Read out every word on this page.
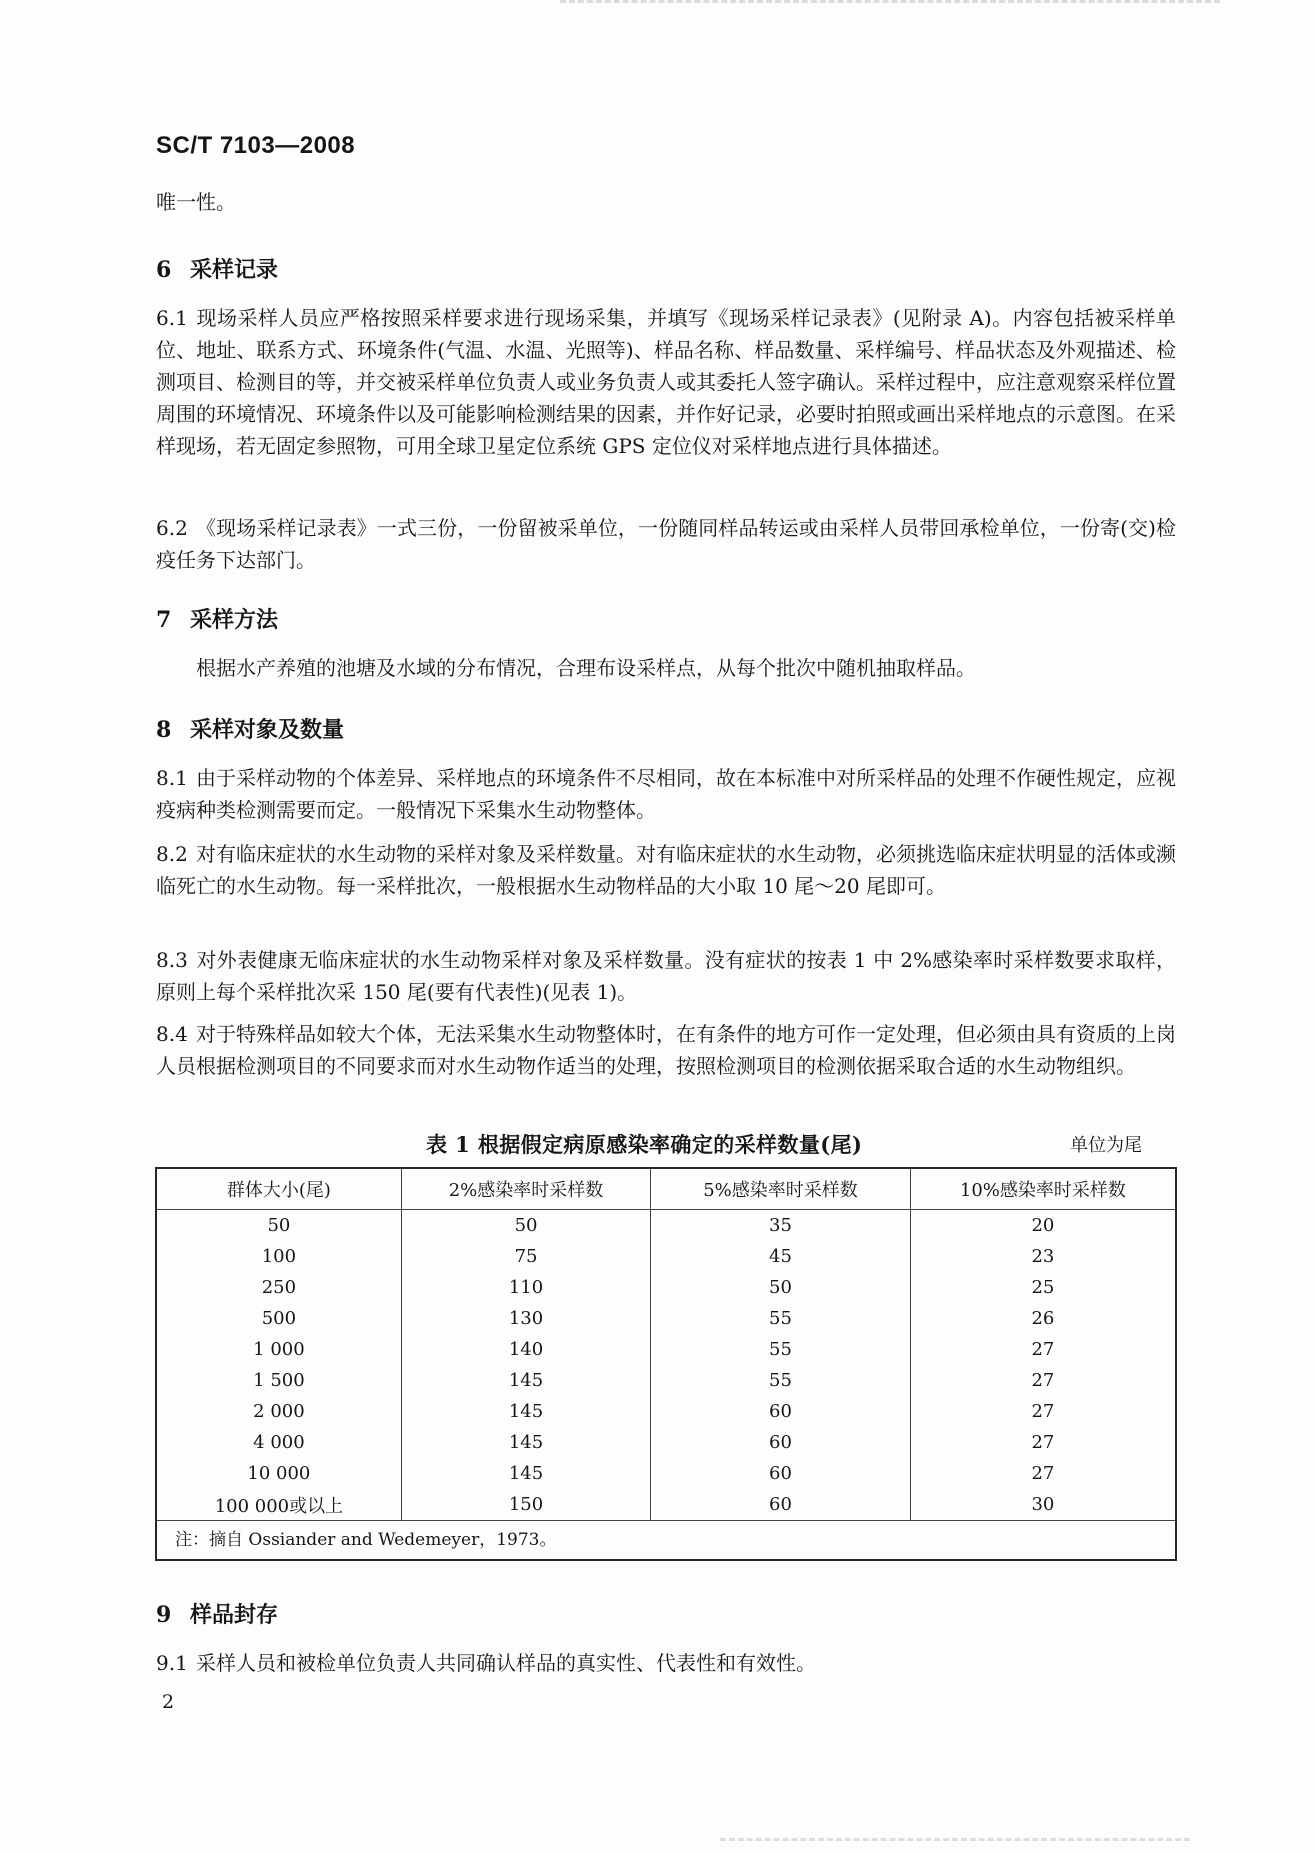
SC/T 7103—2008
唯一性。
6 采样记录
6.1 现场采样人员应严格按照采样要求进行现场采集，并填写《现场采样记录表》(见附录 A)。内容包括被采样单位、地址、联系方式、环境条件(气温、水温、光照等)、样品名称、样品数量、采样编号、样品状态及外观描述、检测项目、检测目的等，并交被采样单位负责人或业务负责人或其委托人签字确认。采样过程中，应注意观察采样位置周围的环境情况、环境条件以及可能影响检测结果的因素，并作好记录，必要时拍照或画出采样地点的示意图。在采样现场，若无固定参照物，可用全球卫星定位系统 GPS 定位仪对采样地点进行具体描述。
6.2 《现场采样记录表》一式三份，一份留被采单位，一份随同样品转运或由采样人员带回承检单位，一份寄(交)检疫任务下达部门。
7 采样方法
根据水产养殖的池塘及水域的分布情况，合理布设采样点，从每个批次中随机抽取样品。
8 采样对象及数量
8.1 由于采样动物的个体差异、采样地点的环境条件不尽相同，故在本标准中对所采样品的处理不作硬性规定，应视疫病种类检测需要而定。一般情况下采集水生动物整体。
8.2 对有临床症状的水生动物的采样对象及采样数量。对有临床症状的水生动物，必须挑选临床症状明显的活体或濒临死亡的水生动物。每一采样批次，一般根据水生动物样品的大小取 10 尾～20 尾即可。
8.3 对外表健康无临床症状的水生动物采样对象及采样数量。没有症状的按表 1 中 2%感染率时采样数要求取样，原则上每个采样批次采 150 尾(要有代表性)(见表 1)。
8.4 对于特殊样品如较大个体，无法采集水生动物整体时，在有条件的地方可作一定处理，但必须由具有资质的上岗人员根据检测项目的不同要求而对水生动物作适当的处理，按照检测项目的检测依据采取合适的水生动物组织。
表 1 根据假定病原感染率确定的采样数量(尾)	单位为尾
群体大小(尾)	2%感染率时采样数	5%感染率时采样数	10%感染率时采样数
50	50	35	20
100	75	45	23
250	110	50	25
500	130	55	26
1 000	140	55	27
1 500	145	55	27
2 000	145	60	27
4 000	145	60	27
10 000	145	60	27
100 000或以上	150	60	30
注：摘自 Ossiander and Wedemeyer，1973。
9 样品封存
9.1 采样人员和被检单位负责人共同确认样品的真实性、代表性和有效性。
2
